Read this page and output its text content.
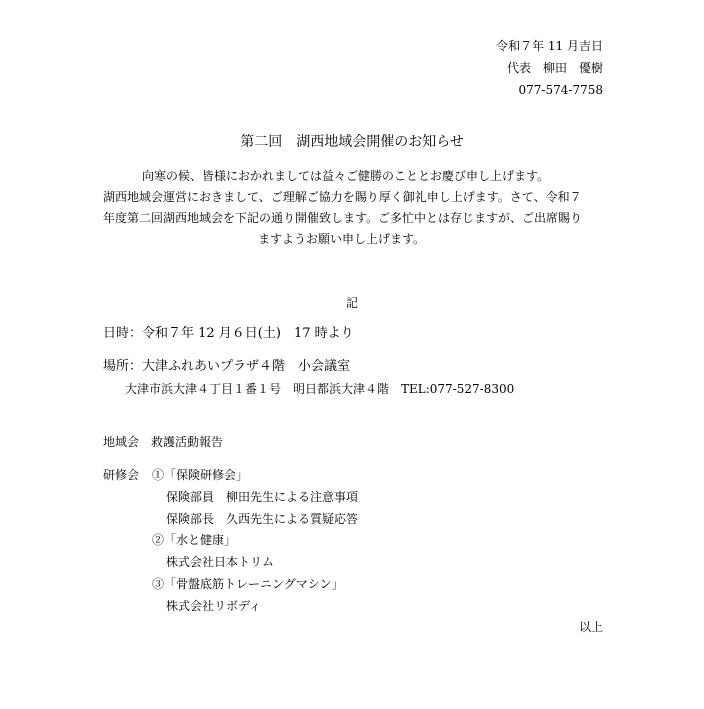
令和７年 11 月吉日
代表　柳田　優樹
077-574-7758
第二回　湖西地域会開催のお知らせ
向寒の候、皆様におかれましては益々ご健勝のこととお慶び申し上げます。
湖西地域会運営におきまして、ご理解ご協力を賜り厚く御礼申し上げます。さて、令和７
年度第二回湖西地域会を下記の通り開催致します。ご多忙中とは存じますが、ご出席賜り
ますようお願い申し上げます。
記
日時：令和７年 12 月６日(土)　17 時より
場所：大津ふれあいプラザ４階　小会議室
大津市浜大津４丁目１番１号　明日都浜大津４階　TEL:077-527-8300
地域会　救護活動報告
研修会 ①「保険研修会」
保険部員　柳田先生による注意事項
保険部長　久西先生による質疑応答
②「水と健康」
株式会社日本トリム
③「骨盤底筋トレーニングマシン」
株式会社リボディ
以上
